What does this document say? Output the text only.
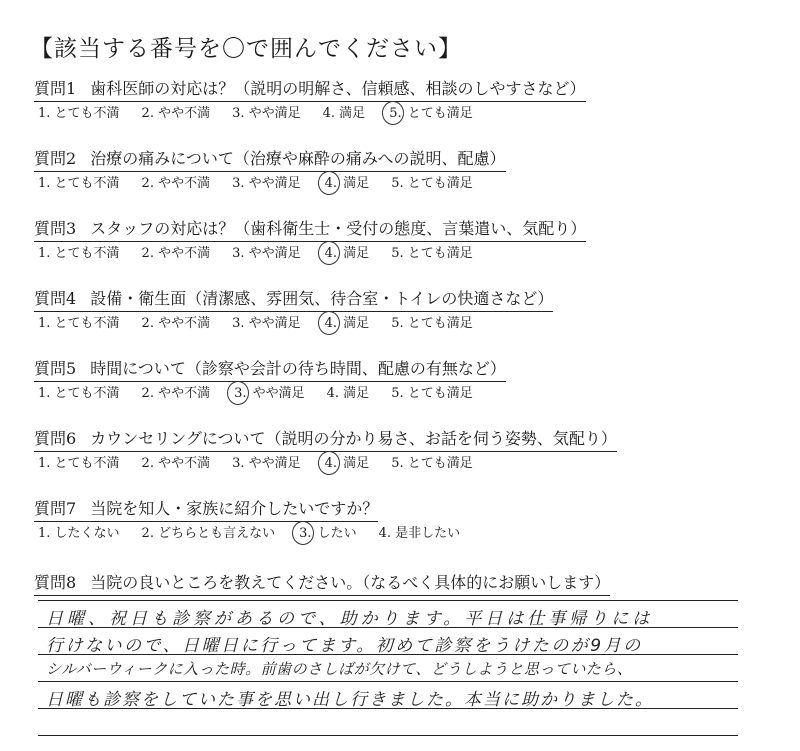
【該当する番号を〇で囲んでください】
質問1 歯科医師の対応は？（説明の明解さ、信頼感、相談のしやすさなど）
1. とても不満 2. やや不満 3. やや満足 4. 満足 5. とても満足
質問2 治療の痛みについて（治療や麻酔の痛みへの説明、配慮）
1. とても不満 2. やや不満 3. やや満足 4. 満足 5. とても満足
質問3 スタッフの対応は？（歯科衛生士・受付の態度、言葉遣い、気配り）
1. とても不満 2. やや不満 3. やや満足 4. 満足 5. とても満足
質問4 設備・衛生面（清潔感、雰囲気、待合室・トイレの快適さなど）
1. とても不満 2. やや不満 3. やや満足 4. 満足 5. とても満足
質問5 時間について（診察や会計の待ち時間、配慮の有無など）
1. とても不満 2. やや不満 3. やや満足 4. 満足 5. とても満足
質問6 カウンセリングについて（説明の分かり易さ、お話を伺う姿勢、気配り）
1. とても不満 2. やや不満 3. やや満足 4. 満足 5. とても満足
質問7 当院を知人・家族に紹介したいですか？
1. したくない 2. どちらとも言えない 3. したい 4. 是非したい
質問8 当院の良いところを教えてください。（なるべく具体的にお願いします）
日曜、祝日も診察があるので、助かります。平日は仕事帰りには
行けないので、日曜日に行ってます。初めて診察をうけたのが9月の
シルバーウィークに入った時。前歯のさしばが欠けて、どうしようと思っていたら、
日曜も診察をしていた事を思い出し行きました。本当に助かりました。
